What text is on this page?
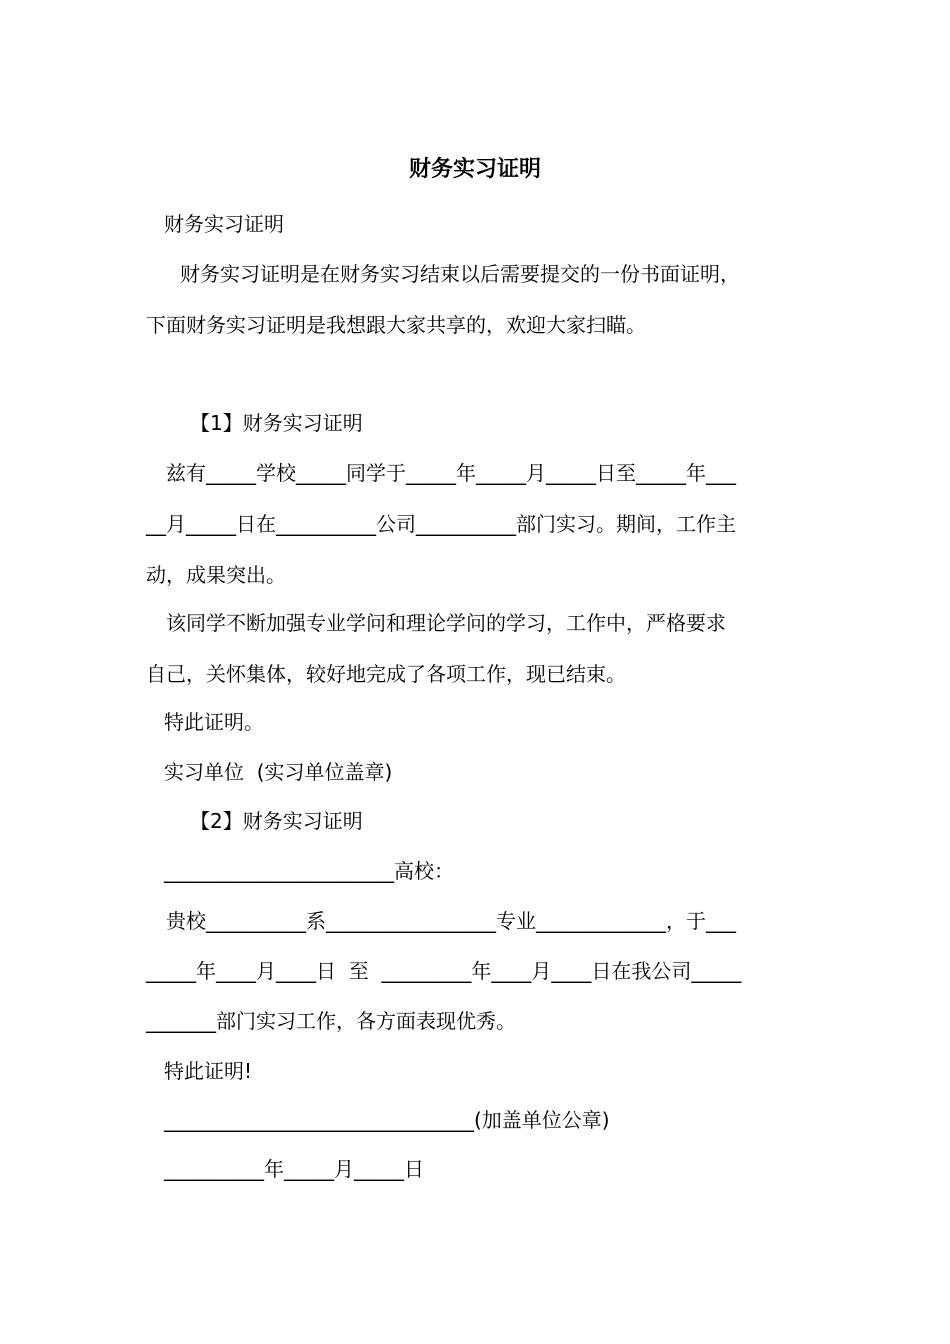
财务实习证明
财务实习证明
财务实习证明是在财务实习结束以后需要提交的一份书面证明，
下面财务实习证明是我想跟大家共享的，欢迎大家扫瞄。
【1】财务实习证明
兹有_____学校_____同学于_____年_____月_____日至_____年___
__月_____日在__________公司__________部门实习。期间，工作主
动，成果突出。
该同学不断加强专业学问和理论学问的学习，工作中，严格要求
自己，关怀集体，较好地完成了各项工作，现已结束。
特此证明。
实习单位  (实习单位盖章)
【2】财务实习证明
_______________________高校：
贵校__________系_________________专业_____________，于___
_____年____月____日  至  _________年____月____日在我公司_____
_______部门实习工作，各方面表现优秀。
特此证明!
_______________________________(加盖单位公章)
__________年_____月_____日
